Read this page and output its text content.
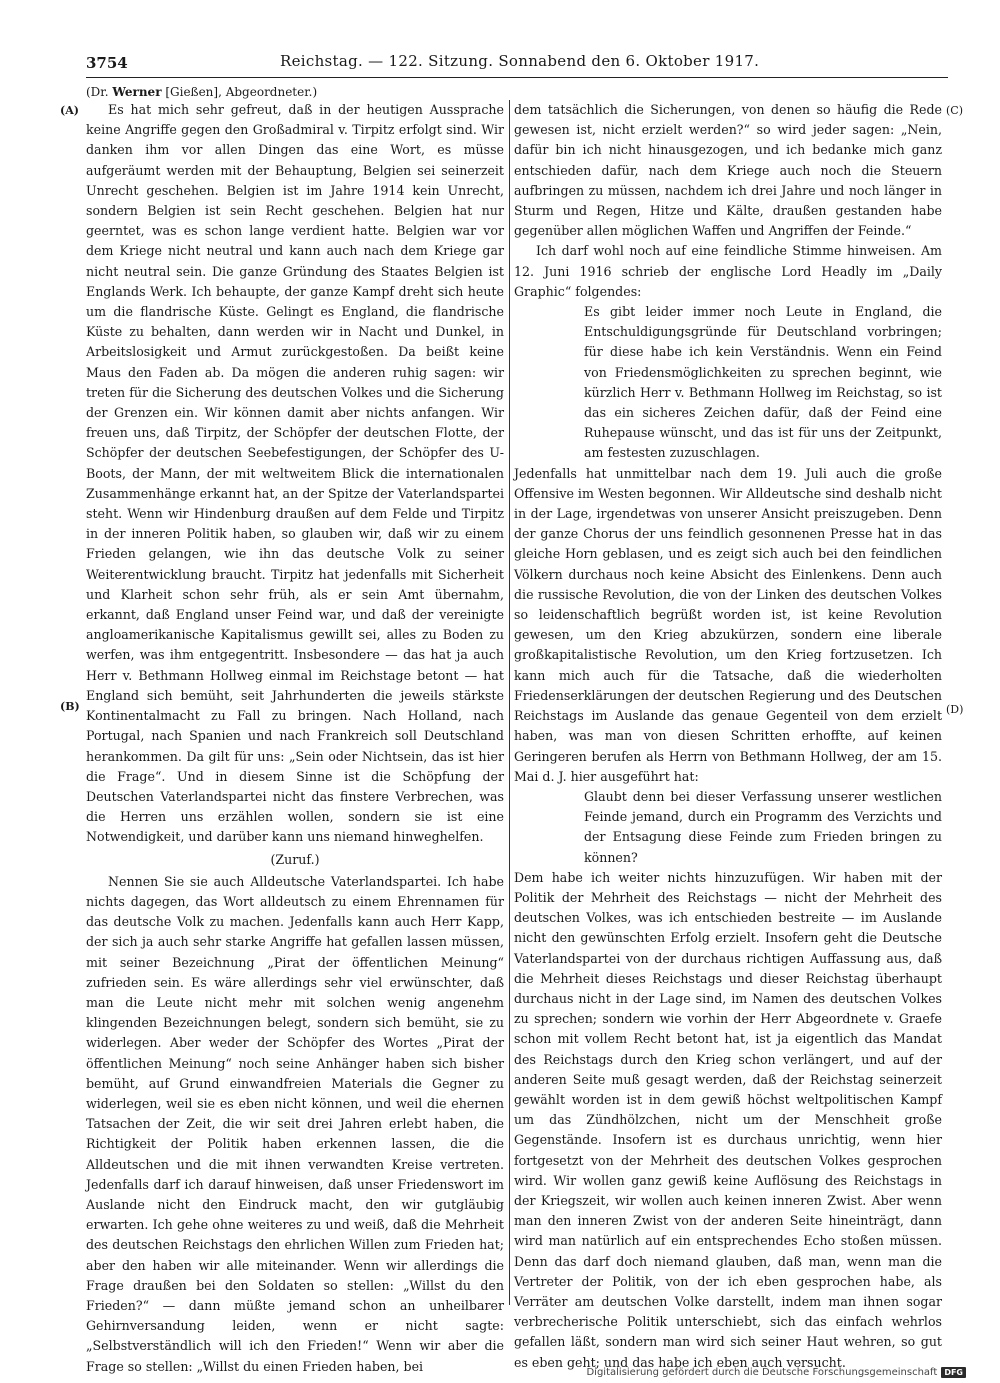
3754	Reichstag. — 122. Sitzung. Sonnabend den 6. Oktober 1917.
(Dr. Werner [Gießen], Abgeordneter.)
(A)
(B)
(C)
(D)

Es hat mich sehr gefreut, daß in der heutigen Aussprache keine Angriffe gegen den Großadmiral v. Tirpitz erfolgt sind. Wir danken ihm vor allen Dingen das eine Wort, es müsse aufgeräumt werden mit der Behauptung, Belgien sei seinerzeit Unrecht geschehen. Belgien ist im Jahre 1914 kein Unrecht, sondern Belgien ist sein Recht geschehen. Belgien hat nur geerntet, was es schon lange verdient hatte. Belgien war vor dem Kriege nicht neutral und kann auch nach dem Kriege gar nicht neutral sein. Die ganze Gründung des Staates Belgien ist Englands Werk. Ich behaupte, der ganze Kampf dreht sich heute um die flandrische Küste. Gelingt es England, die flandrische Küste zu behalten, dann werden wir in Nacht und Dunkel, in Arbeitslosigkeit und Armut zurückgestoßen. Da beißt keine Maus den Faden ab. Da mögen die anderen ruhig sagen: wir treten für die Sicherung des deutschen Volkes und die Sicherung der Grenzen ein. Wir können damit aber nichts anfangen. Wir freuen uns, daß Tirpitz, der Schöpfer der deutschen Flotte, der Schöpfer der deutschen Seebefestigungen, der Schöpfer des U-Boots, der Mann, der mit weltweitem Blick die internationalen Zusammenhänge erkannt hat, an der Spitze der Vaterlandspartei steht. Wenn wir Hindenburg draußen auf dem Felde und Tirpitz in der inneren Politik haben, so glauben wir, daß wir zu einem Frieden gelangen, wie ihn das deutsche Volk zu seiner Weiterentwicklung braucht. Tirpitz hat jedenfalls mit Sicherheit und Klarheit schon sehr früh, als er sein Amt übernahm, erkannt, daß England unser Feind war, und daß der vereinigte angloamerikanische Kapitalismus gewillt sei, alles zu Boden zu werfen, was ihm entgegentritt. Insbesondere — das hat ja auch Herr v. Bethmann Hollweg einmal im Reichstage betont — hat England sich bemüht, seit Jahrhunderten die jeweils stärkste Kontinentalmacht zu Fall zu bringen. Nach Holland, nach Portugal, nach Spanien und nach Frankreich soll Deutschland herankommen. Da gilt für uns: „Sein oder Nichtsein, das ist hier die Frage“. Und in diesem Sinne ist die Schöpfung der Deutschen Vaterlandspartei nicht das finstere Verbrechen, was die Herren uns erzählen wollen, sondern sie ist eine Notwendigkeit, und darüber kann uns niemand hinweghelfen.

(Zuruf.)

Nennen Sie sie auch Alldeutsche Vaterlandspartei. Ich habe nichts dagegen, das Wort alldeutsch zu einem Ehrennamen für das deutsche Volk zu machen. Jedenfalls kann auch Herr Kapp, der sich ja auch sehr starke Angriffe hat gefallen lassen müssen, mit seiner Bezeichnung „Pirat der öffentlichen Meinung“ zufrieden sein. Es wäre allerdings sehr viel erwünschter, daß man die Leute nicht mehr mit solchen wenig angenehm klingenden Bezeichnungen belegt, sondern sich bemüht, sie zu widerlegen. Aber weder der Schöpfer des Wortes „Pirat der öffentlichen Meinung“ noch seine Anhänger haben sich bisher bemüht, auf Grund einwandfreien Materials die Gegner zu widerlegen, weil sie es eben nicht können, und weil die ehernen Tatsachen der Zeit, die wir seit drei Jahren erlebt haben, die Richtigkeit der Politik haben erkennen lassen, die die Alldeutschen und die mit ihnen verwandten Kreise vertreten. Jedenfalls darf ich darauf hinweisen, daß unser Friedenswort im Auslande nicht den Eindruck macht, den wir gutgläubig erwarten. Ich gehe ohne weiteres zu und weiß, daß die Mehrheit des deutschen Reichstags den ehrlichen Willen zum Frieden hat; aber den haben wir alle miteinander. Wenn wir allerdings die Frage draußen bei den Soldaten so stellen: „Willst du den Frieden?“ — dann müßte jemand schon an unheilbarer Gehirnversandung leiden, wenn er nicht sagte: „Selbstverständlich will ich den Frieden!“ Wenn wir aber die Frage so stellen: „Willst du einen Frieden haben, bei

dem tatsächlich die Sicherungen, von denen so häufig die Rede gewesen ist, nicht erzielt werden?“ so wird jeder sagen: „Nein, dafür bin ich nicht hinausgezogen, und ich bedanke mich ganz entschieden dafür, nach dem Kriege auch noch die Steuern aufbringen zu müssen, nachdem ich drei Jahre und noch länger in Sturm und Regen, Hitze und Kälte, draußen gestanden habe gegenüber allen möglichen Waffen und Angriffen der Feinde.“

Ich darf wohl noch auf eine feindliche Stimme hinweisen. Am 12. Juni 1916 schrieb der englische Lord Headly im „Daily Graphic“ folgendes:

Es gibt leider immer noch Leute in England, die Entschuldigungsgründe für Deutschland vorbringen; für diese habe ich kein Verständnis. Wenn ein Feind von Friedensmöglichkeiten zu sprechen beginnt, wie kürzlich Herr v. Bethmann Hollweg im Reichstag, so ist das ein sicheres Zeichen dafür, daß der Feind eine Ruhepause wünscht, und das ist für uns der Zeitpunkt, am festesten zuzuschlagen.

Jedenfalls hat unmittelbar nach dem 19. Juli auch die große Offensive im Westen begonnen. Wir Alldeutsche sind deshalb nicht in der Lage, irgendetwas von unserer Ansicht preiszugeben. Denn der ganze Chorus der uns feindlich gesonnenen Presse hat in das gleiche Horn geblasen, und es zeigt sich auch bei den feindlichen Völkern durchaus noch keine Absicht des Einlenkens. Denn auch die russische Revolution, die von der Linken des deutschen Volkes so leidenschaftlich begrüßt worden ist, ist keine Revolution gewesen, um den Krieg abzukürzen, sondern eine liberale großkapitalistische Revolution, um den Krieg fortzusetzen. Ich kann mich auch für die Tatsache, daß die wiederholten Friedenserklärungen der deutschen Regierung und des Deutschen Reichstags im Auslande das genaue Gegenteil von dem erzielt haben, was man von diesen Schritten erhoffte, auf keinen Geringeren berufen als Herrn von Bethmann Hollweg, der am 15. Mai d. J. hier ausgeführt hat:

Glaubt denn bei dieser Verfassung unserer westlichen Feinde jemand, durch ein Programm des Verzichts und der Entsagung diese Feinde zum Frieden bringen zu können?

Dem habe ich weiter nichts hinzuzufügen. Wir haben mit der Politik der Mehrheit des Reichstags — nicht der Mehrheit des deutschen Volkes, was ich entschieden bestreite — im Auslande nicht den gewünschten Erfolg erzielt. Insofern geht die Deutsche Vaterlandspartei von der durchaus richtigen Auffassung aus, daß die Mehrheit dieses Reichstags und dieser Reichstag überhaupt durchaus nicht in der Lage sind, im Namen des deutschen Volkes zu sprechen; sondern wie vorhin der Herr Abgeordnete v. Graefe schon mit vollem Recht betont hat, ist ja eigentlich das Mandat des Reichstags durch den Krieg schon verlängert, und auf der anderen Seite muß gesagt werden, daß der Reichstag seinerzeit gewählt worden ist in dem gewiß höchst weltpolitischen Kampf um das Zündhölzchen, nicht um der Menschheit große Gegenstände. Insofern ist es durchaus unrichtig, wenn hier fortgesetzt von der Mehrheit des deutschen Volkes gesprochen wird. Wir wollen ganz gewiß keine Auflösung des Reichstags in der Kriegszeit, wir wollen auch keinen inneren Zwist. Aber wenn man den inneren Zwist von der anderen Seite hineinträgt, dann wird man natürlich auf ein entsprechendes Echo stoßen müssen. Denn das darf doch niemand glauben, daß man, wenn man die Vertreter der Politik, von der ich eben gesprochen habe, als Verräter am deutschen Volke darstellt, indem man ihnen sogar verbrecherische Politik unterschiebt, sich das einfach wehrlos gefallen läßt, sondern man wird sich seiner Haut wehren, so gut es eben geht; und das habe ich eben auch versucht.

Digitalisierung gefördert durch die Deutsche Forschungsgemeinschaft DFG
